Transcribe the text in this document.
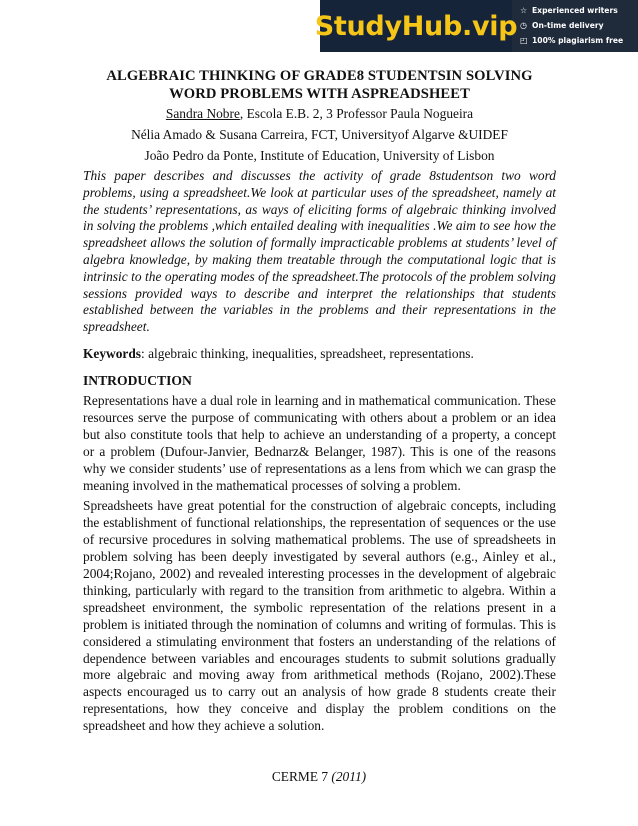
StudyHub.vip ☆ Experienced writers
◷ On-time delivery
◰ 100% plagiarism free
ALGEBRAIC THINKING OF GRADE8 STUDENTSIN SOLVING
WORD PROBLEMS WITH ASPREADSHEET
Sandra Nobre, Escola E.B. 2, 3 Professor Paula Nogueira
Nélia Amado & Susana Carreira, FCT, Universityof Algarve &UIDEF
João Pedro da Ponte, Institute of Education, University of Lisbon
This paper describes and discusses the activity of grade 8studentson two word problems, using a spreadsheet.We look at particular uses of the spreadsheet, namely at the students’ representations, as ways of eliciting forms of algebraic thinking involved in solving the problems ,which entailed dealing with inequalities .We aim to see how the spreadsheet allows the solution of formally impracticable problems at students’ level of algebra knowledge, by making them treatable through the computational logic that is intrinsic to the operating modes of the spreadsheet.The protocols of the problem solving sessions provided ways to describe and interpret the relationships that students established between the variables in the problems and their representations in the spreadsheet.
Keywords: algebraic thinking, inequalities, spreadsheet, representations.
INTRODUCTION
Representations have a dual role in learning and in mathematical communication. These resources serve the purpose of communicating with others about a problem or an idea but also constitute tools that help to achieve an understanding of a property, a concept or a problem (Dufour-Janvier, Bednarz& Belanger, 1987). This is one of the reasons why we consider students’ use of representations as a lens from which we can grasp the meaning involved in the mathematical processes of solving a problem.
Spreadsheets have great potential for the construction of algebraic concepts, including the establishment of functional relationships, the representation of sequences or the use of recursive procedures in solving mathematical problems. The use of spreadsheets in problem solving has been deeply investigated by several authors (e.g., Ainley et al., 2004;Rojano, 2002) and revealed interesting processes in the development of algebraic thinking, particularly with regard to the transition from arithmetic to algebra. Within a spreadsheet environment, the symbolic representation of the relations present in a problem is initiated through the nomination of columns and writing of formulas. This is considered a stimulating environment that fosters an understanding of the relations of dependence between variables and encourages students to submit solutions gradually more algebraic and moving away from arithmetical methods (Rojano, 2002).These aspects encouraged us to carry out an analysis of how grade 8 students create their representations, how they conceive and display the problem conditions on the spreadsheet and how they achieve a solution.
CERME 7 (2011)
